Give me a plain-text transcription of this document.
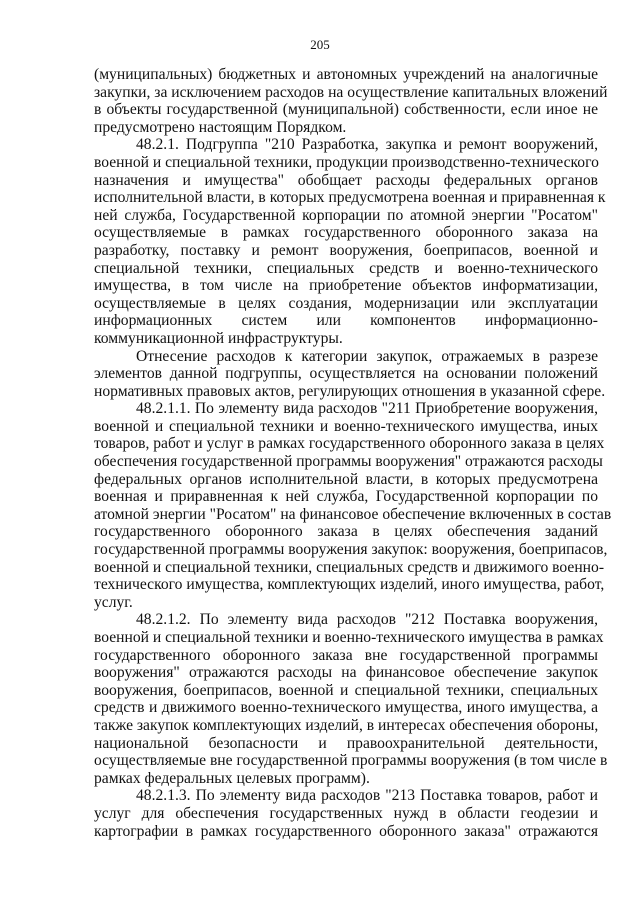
205
(муниципальных) бюджетных и автономных учреждений на аналогичные
закупки, за исключением расходов на осуществление капитальных вложений
в объекты государственной (муниципальной) собственности, если иное не
предусмотрено настоящим Порядком.
48.2.1. Подгруппа "210 Разработка, закупка и ремонт вооружений,
военной и специальной техники, продукции производственно-технического
назначения и имущества" обобщает расходы федеральных органов
исполнительной власти, в которых предусмотрена военная и приравненная к
ней служба, Государственной корпорации по атомной энергии "Росатом"
осуществляемые в рамках государственного оборонного заказа на
разработку, поставку и ремонт вооружения, боеприпасов, военной и
специальной техники, специальных средств и военно-технического
имущества, в том числе на приобретение объектов информатизации,
осуществляемые в целях создания, модернизации или эксплуатации
информационных систем или компонентов информационно-
коммуникационной инфраструктуры.
Отнесение расходов к категории закупок, отражаемых в разрезе
элементов данной подгруппы, осуществляется на основании положений
нормативных правовых актов, регулирующих отношения в указанной сфере.
48.2.1.1. По элементу вида расходов "211 Приобретение вооружения,
военной и специальной техники и военно-технического имущества, иных
товаров, работ и услуг в рамках государственного оборонного заказа в целях
обеспечения государственной программы вооружения" отражаются расходы
федеральных органов исполнительной власти, в которых предусмотрена
военная и приравненная к ней служба, Государственной корпорации по
атомной энергии "Росатом" на финансовое обеспечение включенных в состав
государственного оборонного заказа в целях обеспечения заданий
государственной программы вооружения закупок: вооружения, боеприпасов,
военной и специальной техники, специальных средств и движимого военно-
технического имущества, комплектующих изделий, иного имущества, работ,
услуг.
48.2.1.2. По элементу вида расходов "212 Поставка вооружения,
военной и специальной техники и военно-технического имущества в рамках
государственного оборонного заказа вне государственной программы
вооружения" отражаются расходы на финансовое обеспечение закупок
вооружения, боеприпасов, военной и специальной техники, специальных
средств и движимого военно-технического имущества, иного имущества, а
также закупок комплектующих изделий, в интересах обеспечения обороны,
национальной безопасности и правоохранительной деятельности,
осуществляемые вне государственной программы вооружения (в том числе в
рамках федеральных целевых программ).
48.2.1.3. По элементу вида расходов "213 Поставка товаров, работ и
услуг для обеспечения государственных нужд в области геодезии и
картографии в рамках государственного оборонного заказа" отражаются
